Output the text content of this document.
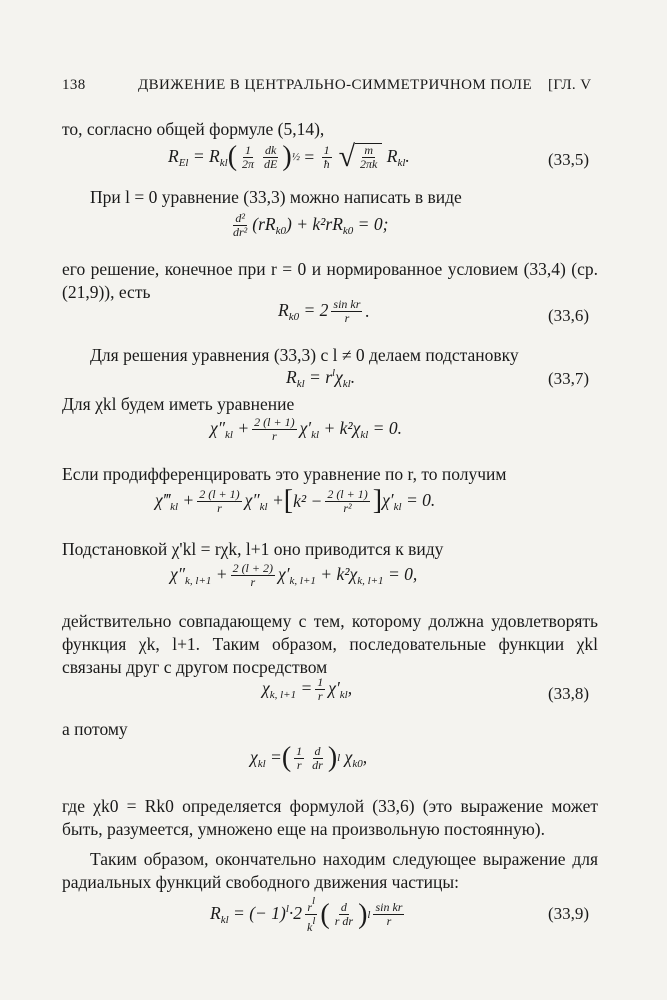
138	ДВИЖЕНИЕ В ЦЕНТРАЛЬНО-СИММЕТРИЧНОМ ПОЛЕ [ГЛ. V
то, согласно общей формуле (5,14),
$R_{El} = R_{kl}$ ( $\frac{1}{2\pi} \frac{dk}{dE}$ ) ½ = $\frac{1}{ħ}$ √ $\frac{m}{2\pi k} R_{kl}$.	(33,5)
При l = 0 уравнение (33,3) можно написать в виде
$\frac{\text{d²}}{\text{dr²}} (rR_{k0}) + k^2rR_{k0} = 0$;
его решение, конечное при r = 0 и нормированное условием (33,4) (ср. (21,9)), есть
$R_{k0} = 2 \frac{\text{sin kr}}{r}$ .	(33,6)
Для решения уравнения (33,3) с l ≠ 0 делаем подстановку
$R_{kl} = r^l\chi_{kl}$.	(33,7)
Для χkl будем иметь уравнение
$\chi''_{kl} + \frac{2 (l + 1)}{r} \chi'_{kl} + k^2\chi_{kl} = 0$.
Если продифференцировать это уравнение по r, то получим
$\chi‴_{kl} + \frac{2 (l + 1)}{r} \chi''_{kl}$ + [ $k^2 - \frac{2 (l + 1)}{\text{r²}}$ ] $\chi'_{kl} = 0$.
Подстановкой χ'kl = rχk, l+1 оно приводится к виду
$\chi''_{k, l+1} + \frac{2 (l + 2)}{r} \chi'_{k, l+1} + k^2\chi_{k, l+1} = 0$,
действительно совпадающему с тем, которому должна удовлетворять функция χk, l+1. Таким образом, последовательные функции χkl связаны друг с другом посредством
$\chi_{k, l+1} = \frac{1}{r} \chi'_{kl}$,	(33,8)
а потому
$\chi_{kl}$ = ( $\frac{1}{r} \frac{d}{dr}$ ) l $\chi_{k0}$,
где χk0 = Rk0 определяется формулой (33,6) (это выражение может быть, разумеется, умножено еще на произвольную постоянную).
Таким образом, окончательно находим следующее выражение для радиальных функций свободного движения частицы:
$R_{kl}$ = (− $1)^l\cdot 2 \frac{rl}{kl}$ ( $\frac{d}{\text{r dr}}$ ) l $\frac{\text{sin kr}}{r}$	(33,9)
